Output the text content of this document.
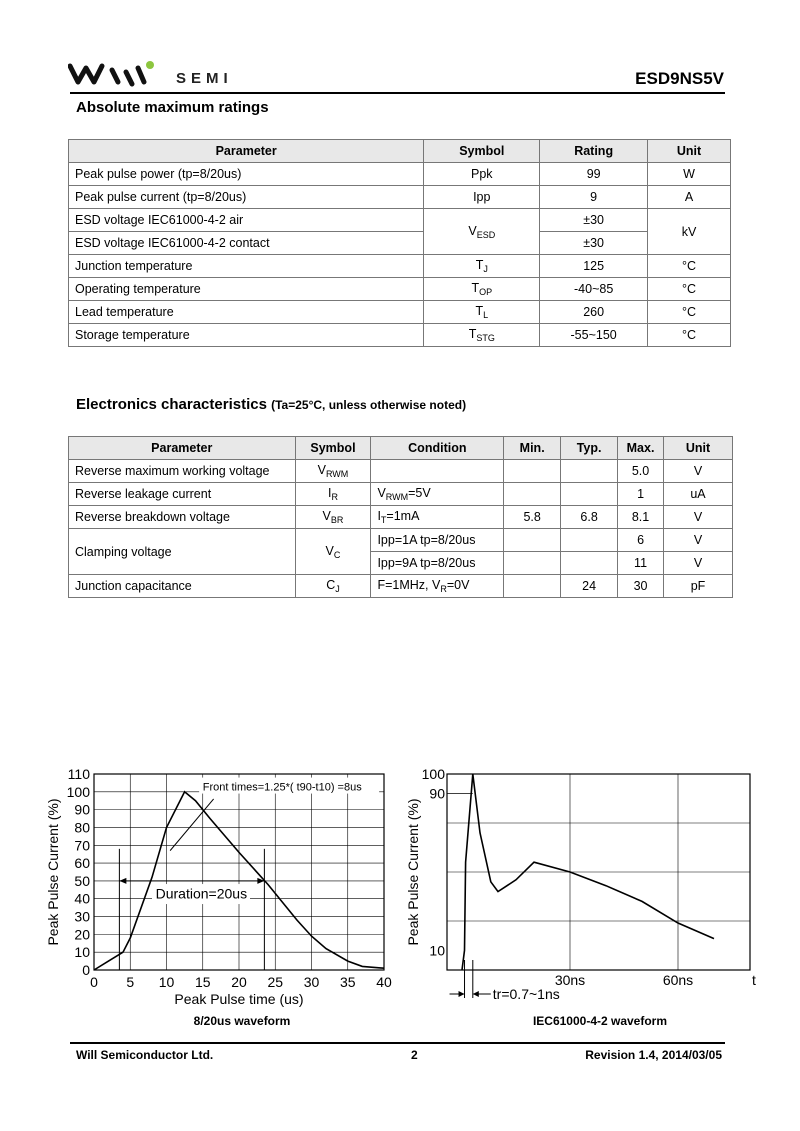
SEMI	ESD9NS5V
Absolute maximum ratings
Parameter	Symbol	Rating	Unit
Peak pulse power (tp=8/20us)	Ppk	99	W
Peak pulse current (tp=8/20us)	Ipp	9	A
ESD voltage IEC61000-4-2 air	$V_{ESD}$	±30	kV
ESD voltage IEC61000-4-2 contact		±30	
Junction temperature	$T_J$	125	°C
Operating temperature	$T_{OP}$	-40~85	°C
Lead temperature	$T_L$	260	°C
Storage temperature	$T_{STG}$	-55~150	°C
Electronics characteristics (Ta=25°C, unless otherwise noted)
Parameter	Symbol	Condition	Min.	Typ.	Max.	Unit
Reverse maximum working voltage	$V_{RWM}$				5.0	V
Reverse leakage current	$I_R$	$V_{RWM}=5V$			1	uA
Reverse breakdown voltage	$V_{BR}$	$I_T=1mA$	5.8	6.8	8.1	V
Clamping voltage	$V_C$	Ipp=1A tp=8/20us			6	V
		Ipp=9A tp=8/20us			11	V
Junction capacitance	$C_J$	F=1MHz, $V_R=0V$		24	30	pF
0 5 10 15 20 25 30 35 40
0
10
20
30
40
50
60
70
80
90
100
110
Peak Pulse time (us)
Peak Pulse Current (%)
Front times=1.25*( t90-t10) =8us
Duration=20us
8/20us waveform
30ns	60ns	t
10
90
100
Peak Pulse Current (%)
tr=0.7~1ns
IEC61000-4-2 waveform
Will Semiconductor Ltd.	2	Revision 1.4, 2014/03/05
